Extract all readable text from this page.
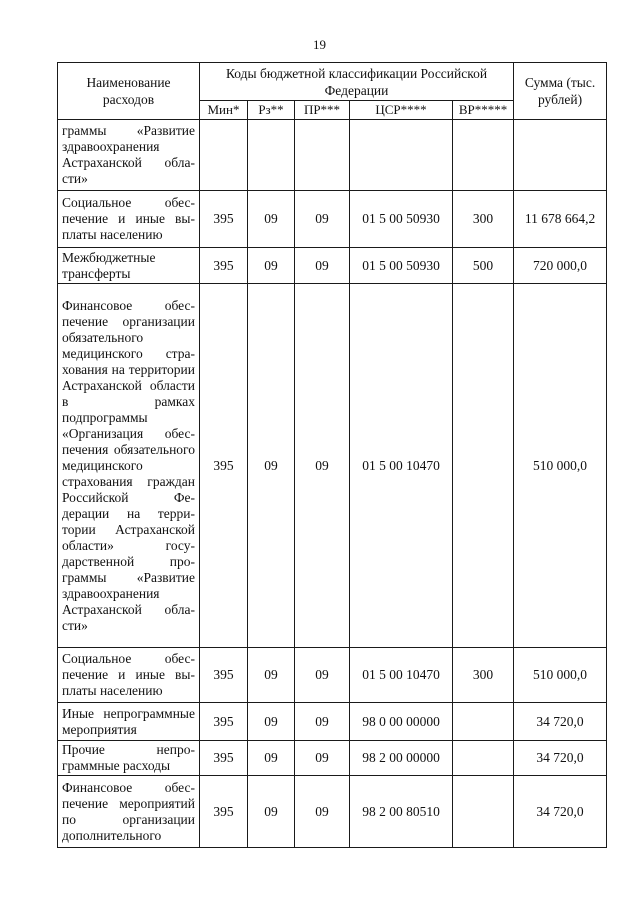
19
Наименование расходов	Коды бюджетной классификации Российской Федерации					Сумма (тыс. рублей)
	Мин*	Рз**	ПР***	ЦСР****	ВР*****	
граммы «Развитие здравоохранения Астраханской области»						
Социальное обеспечение и иные выплаты населению	395	09	09	01 5 00 50930	300	11 678 664,2
Межбюджетные трансферты	395	09	09	01 5 00 50930	500	720 000,0
Финансовое обеспечение организации обязательного медицинского страхования на территории Астраханской области в рамках подпрограммы «Организация обеспечения обязательного медицинского страхования граждан Российской Федерации на территории Астраханской области» государственной программы «Развитие здравоохранения Астраханской области»	395	09	09	01 5 00 10470		510 000,0
Социальное обеспечение и иные выплаты населению	395	09	09	01 5 00 10470	300	510 000,0
Иные непрограммные мероприятия	395	09	09	98 0 00 00000		34 720,0
Прочие непрограммные расходы	395	09	09	98 2 00 00000		34 720,0
Финансовое обеспечение мероприятий по организации дополнительного	395	09	09	98 2 00 80510		34 720,0
